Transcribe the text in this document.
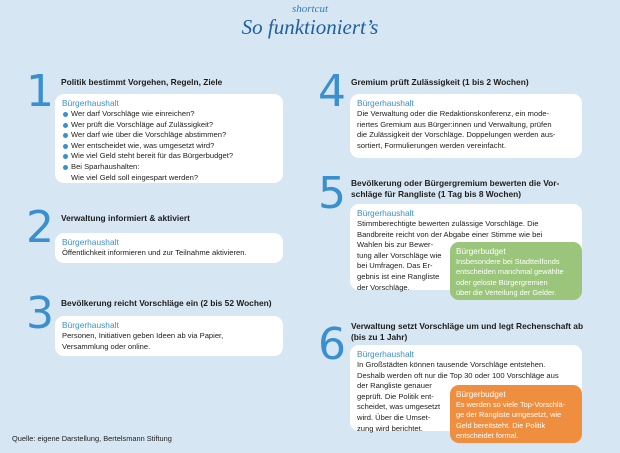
shortcut
So funktioniert’s
1 Politik bestimmt Vorgehen, Regeln, Ziele
Bürgerhaushalt
Wer darf Vorschläge wie einreichen?
Wer prüft die Vorschläge auf Zulässigkeit?
Wer darf wie über die Vorschläge abstimmen?
Wer entscheidet wie, was umgesetzt wird?
Wie viel Geld steht bereit für das Bürgerbudget?
Bei Sparhaushalten:
Wie viel Geld soll eingespart werden?
2 Verwaltung informiert & aktiviert
Bürgerhaushalt

Öffentlichkeit informieren und zur Teilnahme aktivieren.

3 Bevölkerung reicht Vorschläge ein (2 bis 52 Wochen)
Bürgerhaushalt

Personen, Initiativen geben Ideen ab via Papier,

Versammlung oder online.

4 Gremium prüft Zulässigkeit (1 bis 2 Wochen)
Bürgerhaushalt

Die Verwaltung oder die Redaktionskonferenz, ein mode-

riertes Gremium aus Bürger:innen und Verwaltung, prüfen

die Zulässigkeit der Vorschläge. Doppelungen werden aus-

sortiert, Formulierungen werden vereinfacht.

5 Bevölkerung oder Bürgergremium bewerten die Vor-
schläge für Rangliste (1 Tag bis 8 Wochen)
Bürgerhaushalt

Stimmberechtigte bewerten zulässige Vorschläge. Die

Bandbreite reicht von der Abgabe einer Stimme wie bei

Wahlen bis zur Bewer-

tung aller Vorschläge wie

bei Umfragen. Das Er-

gebnis ist eine Rangliste

der Vorschläge.

Bürgerbudget

Insbesondere bei Stadtteilfonds

entscheiden manchmal gewählte

oder geloste Bürgergremien

über die Verteilung der Gelder.

6 Verwaltung setzt Vorschläge um und legt Rechenschaft ab
(bis zu 1 Jahr)
Bürgerhaushalt

In Großstädten können tausende Vorschläge entstehen.

Deshalb werden oft nur die Top 30 oder 100 Vorschläge aus

der Rangliste genauer

geprüft. Die Politik ent-

scheidet, was umgesetzt

wird. Über die Umset-

zung wird berichtet.

Bürgerbudget

Es werden so viele Top-Vorschlä-

ge der Rangliste umgesetzt, wie

Geld bereitsteht. Die Politik

entscheidet formal.

Quelle: eigene Darstellung, Bertelsmann Stiftung
